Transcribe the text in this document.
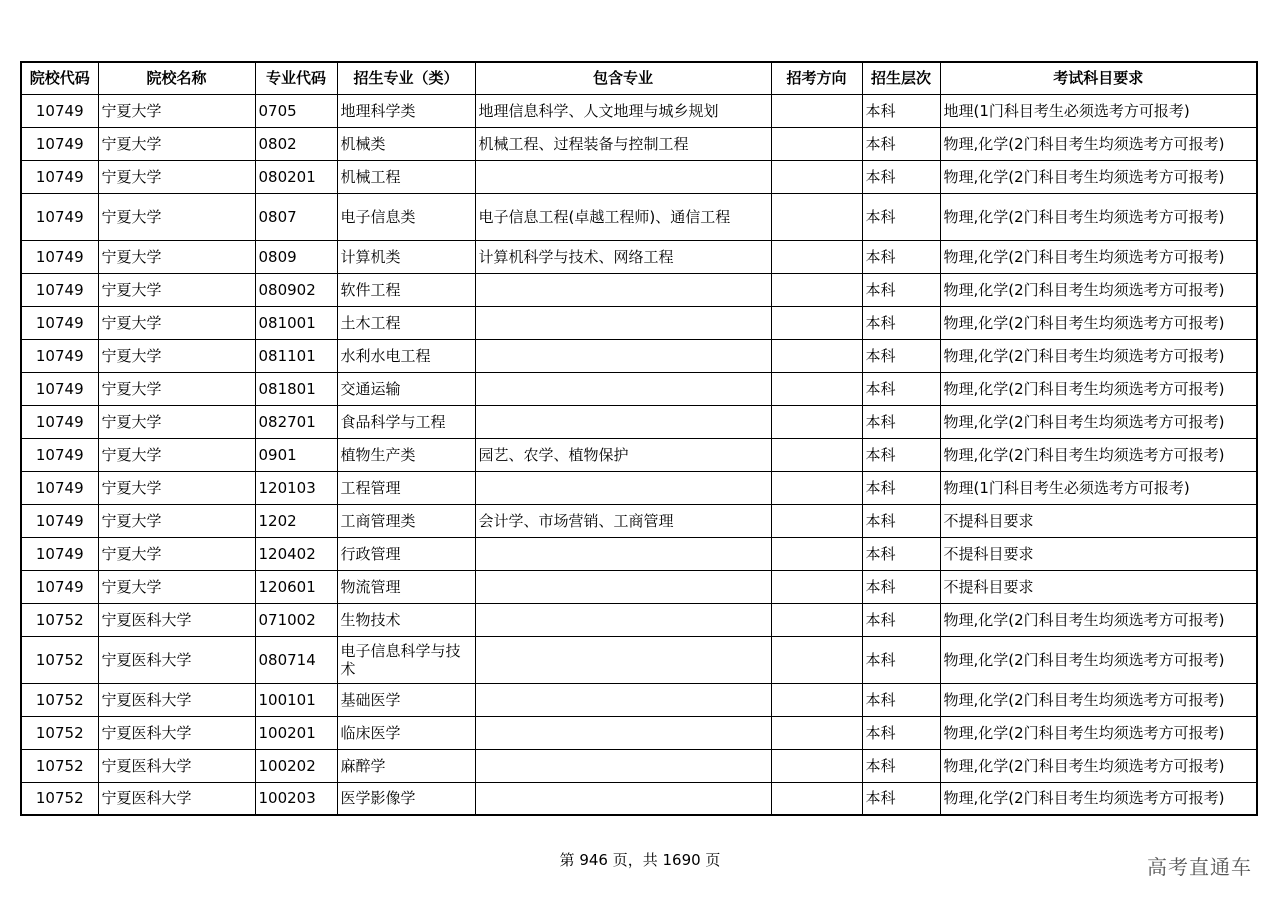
院校代码	院校名称	专业代码	招生专业（类）	包含专业	招考方向	招生层次	考试科目要求
10749	宁夏大学	0705	地理科学类	地理信息科学、人文地理与城乡规划		本科	地理(1门科目考生必须选考方可报考)
10749	宁夏大学	0802	机械类	机械工程、过程装备与控制工程		本科	物理,化学(2门科目考生均须选考方可报考)
10749	宁夏大学	080201	机械工程			本科	物理,化学(2门科目考生均须选考方可报考)
10749	宁夏大学	0807	电子信息类	电子信息工程(卓越工程师)、通信工程		本科	物理,化学(2门科目考生均须选考方可报考)
10749	宁夏大学	0809	计算机类	计算机科学与技术、网络工程		本科	物理,化学(2门科目考生均须选考方可报考)
10749	宁夏大学	080902	软件工程			本科	物理,化学(2门科目考生均须选考方可报考)
10749	宁夏大学	081001	土木工程			本科	物理,化学(2门科目考生均须选考方可报考)
10749	宁夏大学	081101	水利水电工程			本科	物理,化学(2门科目考生均须选考方可报考)
10749	宁夏大学	081801	交通运输			本科	物理,化学(2门科目考生均须选考方可报考)
10749	宁夏大学	082701	食品科学与工程			本科	物理,化学(2门科目考生均须选考方可报考)
10749	宁夏大学	0901	植物生产类	园艺、农学、植物保护		本科	物理,化学(2门科目考生均须选考方可报考)
10749	宁夏大学	120103	工程管理			本科	物理(1门科目考生必须选考方可报考)
10749	宁夏大学	1202	工商管理类	会计学、市场营销、工商管理		本科	不提科目要求
10749	宁夏大学	120402	行政管理			本科	不提科目要求
10749	宁夏大学	120601	物流管理			本科	不提科目要求
10752	宁夏医科大学	071002	生物技术			本科	物理,化学(2门科目考生均须选考方可报考)
10752	宁夏医科大学	080714	电子信息科学与技术			本科	物理,化学(2门科目考生均须选考方可报考)
10752	宁夏医科大学	100101	基础医学			本科	物理,化学(2门科目考生均须选考方可报考)
10752	宁夏医科大学	100201	临床医学			本科	物理,化学(2门科目考生均须选考方可报考)
10752	宁夏医科大学	100202	麻醉学			本科	物理,化学(2门科目考生均须选考方可报考)
10752	宁夏医科大学	100203	医学影像学			本科	物理,化学(2门科目考生均须选考方可报考)
第 946 页，共 1690 页	高考直通车
